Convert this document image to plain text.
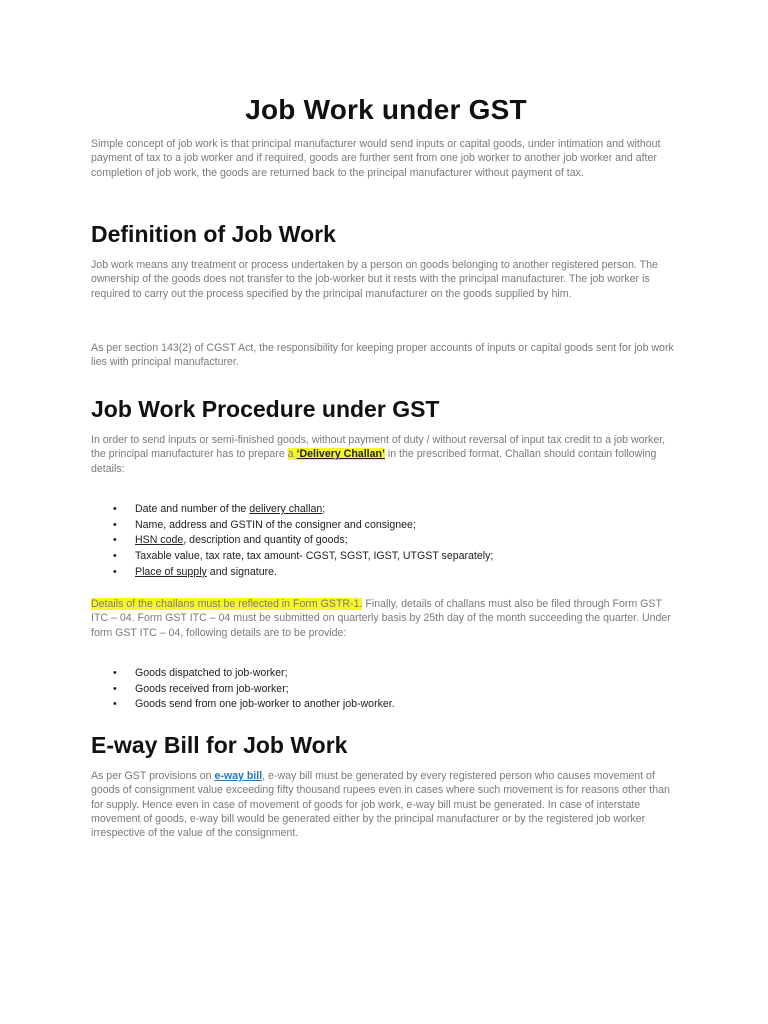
Job Work under GST

Simple concept of job work is that principal manufacturer would send inputs or capital goods, under intimation and without payment of tax to a job worker and if required, goods are further sent from one job worker to another job worker and after completion of job work, the goods are returned back to the principal manufacturer without payment of tax.

Definition of Job Work

Job work means any treatment or process undertaken by a person on goods belonging to another registered person. The ownership of the goods does not transfer to the job-worker but it rests with the principal manufacturer. The job worker is required to carry out the process specified by the principal manufacturer on the goods supplied by him.

As per section 143(2) of CGST Act, the responsibility for keeping proper accounts of inputs or capital goods sent for job work lies with principal manufacturer.

Job Work Procedure under GST

In order to send inputs or semi-finished goods, without payment of duty / without reversal of input tax credit to a job worker, the principal manufacturer has to prepare a ‘Delivery Challan’ in the prescribed format. Challan should contain following details:

• Date and number of the delivery challan;
• Name, address and GSTIN of the consigner and consignee;
• HSN code, description and quantity of goods;
• Taxable value, tax rate, tax amount- CGST, SGST, IGST, UTGST separately;
• Place of supply and signature.

Details of the challans must be reflected in Form GSTR-1. Finally, details of challans must also be filed through Form GST ITC – 04. Form GST ITC – 04 must be submitted on quarterly basis by 25th day of the month succeeding the quarter. Under form GST ITC – 04, following details are to be provide:

• Goods dispatched to job-worker;
• Goods received from job-worker;
• Goods send from one job-worker to another job-worker.
E-way Bill for Job Work

As per GST provisions on e-way bill, e-way bill must be generated by every registered person who causes movement of goods of consignment value exceeding fifty thousand rupees even in cases where such movement is for reasons other than for supply. Hence even in case of movement of goods for job work, e-way bill must be generated. In case of interstate movement of goods, e-way bill would be generated either by the principal manufacturer or by the registered job worker irrespective of the value of the consignment.
